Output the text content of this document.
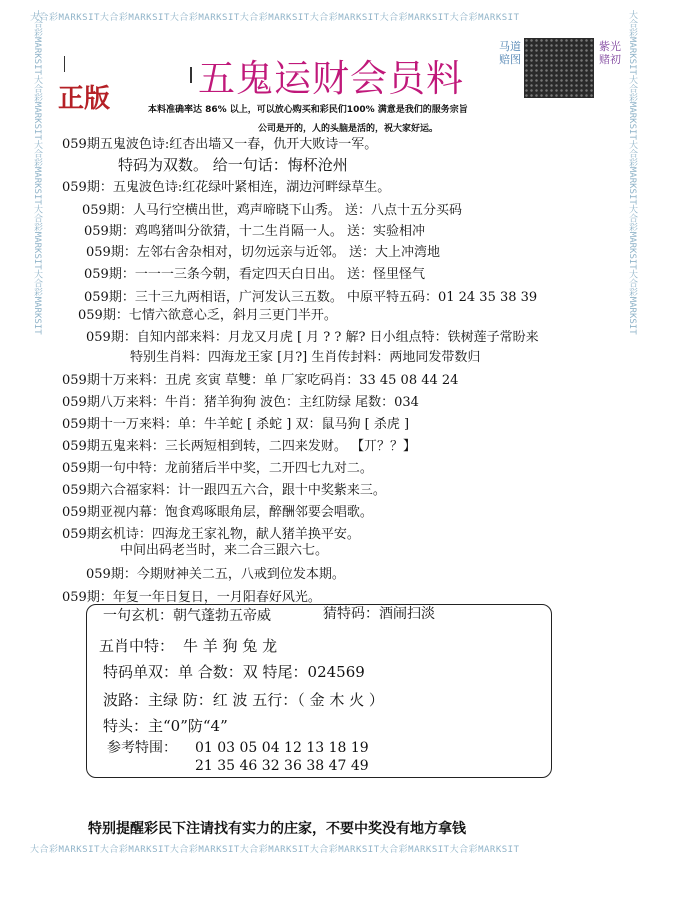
大合彩MARKSIT大合彩MARKSIT大合彩MARKSIT大合彩MARKSIT大合彩MARKSIT大合彩MARKSIT大合彩MARKSIT
大合彩MARKSIT大合彩MARKSIT大合彩MARKSIT大合彩MARKSIT大合彩MARKSIT大合彩MARKSIT大合彩MARKSIT
大合彩MARKSIT大合彩MARKSIT大合彩MARKSIT大合彩MARKSIT大合彩MARKSIT	大合彩MARKSIT大合彩MARKSIT大合彩MARKSIT大合彩MARKSIT大合彩MARKSIT
正版 五鬼运财会员料
马道赔图
紫光赌初
本料准确率达 86% 以上，可以放心购买和彩民们100% 满意是我们的服务宗旨
公司是开的，人的头脑是活的，祝大家好运。
059期五鬼波色诗:红杏出墙又一春，仇开大败诗一军。
特码为双数。 给一句话：悔杯沧州
059期：五鬼波色诗:红花绿叶紧相连，湖边河畔绿草生。
059期：人马行空横出世，鸡声啼晓下山秀。 送：八点十五分买码
059期：鸡鸣猪叫分欲猜，十二生肖隔一人。 送：实验相冲
059期：左邻右舍杂相对，切勿远亲与近邻。 送：大上冲湾地
059期：一一一三条今朝，看定四天白日出。 送：怪里怪气
059期：三十三九两相语，广河发认三五数。 中原平特五码：01 24 35 38 39
059期：七情六欲意心乏，斜月三更门半开。
059期：自知内部来料：月龙又月虎 [ 月 ? ? 解? 日小组点特：铁树莲子常盼来
特别生肖料：四海龙王家 [月?] 生肖传封料：两地同发带数归
059期十万来料：丑虎 亥寅 草雙：单 厂家吃码肖：33 45 08 44 24
059期八万来料：牛肖：猪羊狗狗 波色：主红防绿 尾数：034
059期十一万来料：单：牛羊蛇 [ 杀蛇 ] 双：鼠马狗 [ 杀虎 ]
059期五鬼来料：三长两短相到转，二四来发财。 【丌？？】
059期一句中特：龙前猪后半中奖，二开四七九对二。
059期六合福家料：计一跟四五六合，跟十中奖紫来三。
059期亚视内幕：饱食鸡啄眼角层，醉酬邻要会唱歌。
059期玄机诗：四海龙王家礼物，献人猪羊换平安。
中间出码老当时，来二合三跟六七。
059期：今期财神关二五，八戒到位发本期。
059期：年复一年日复日，一月阳春好风光。
一句玄机：朝气蓬勃五帝威	猜特码：酒闹扫淡
五肖中特： 牛 羊 狗 兔 龙
特码单双：单 合数：双 特尾：024569
波路：主绿 防：红 波 五行：（ 金 木 火 ）
特头：主“0”防“4”
参考特围： 01 03 05 04 12 13 18 19
21 35 46 32 36 38 47 49
特别提醒彩民下注请找有实力的庄家，不要中奖没有地方拿钱
